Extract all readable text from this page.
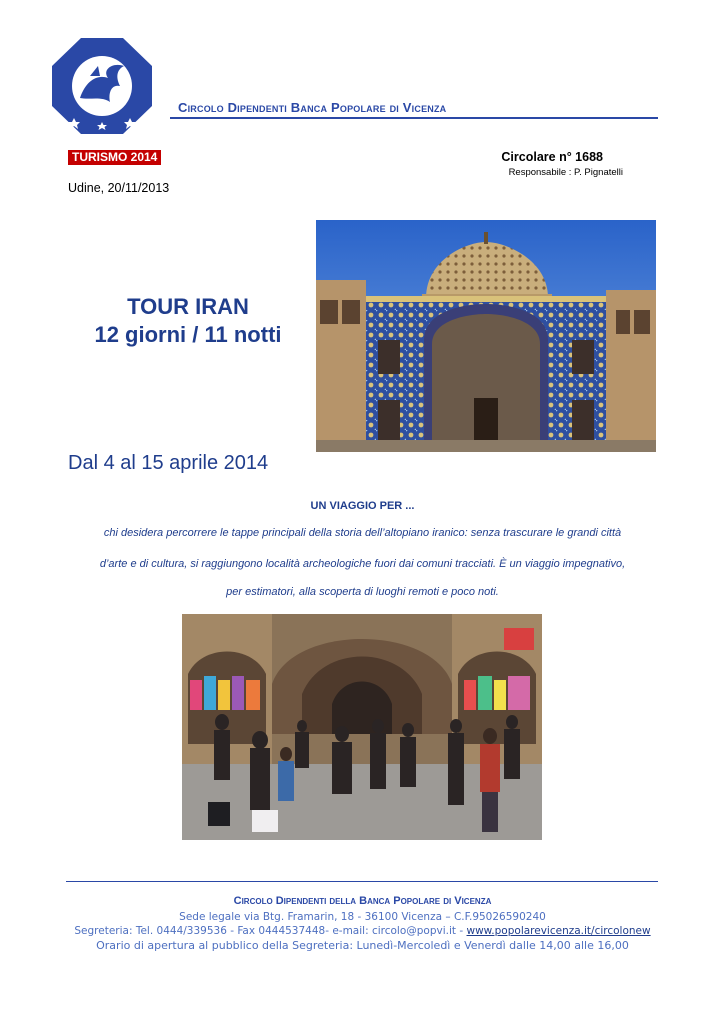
Circolo Dipendenti Banca Popolare di Vicenza
TURISMO 2014	Circolare n° 1688
Responsabile : P. Pignatelli
Udine, 20/11/2013
TOUR IRAN
12 giorni / 11 notti
Dal 4 al 15 aprile 2014
UN VIAGGIO PER ...
chi desidera percorrere le tappe principali della storia dell’altopiano iranico: senza trascurare le grandi città
d’arte e di cultura, si raggiungono località archeologiche fuori dai comuni tracciati. È un viaggio impegnativo,
per estimatori, alla scoperta di luoghi remoti e poco noti.
Circolo Dipendenti della Banca Popolare di Vicenza
Sede legale via Btg. Framarin, 18 - 36100 Vicenza – C.F.95026590240
Segreteria: Tel. 0444/339536 - Fax 0444537448- e-mail: circolo@popvi.it - www.popolarevicenza.it/circolonew
Orario di apertura al pubblico della Segreteria: Lunedì-Mercoledì e Venerdì dalle 14,00 alle 16,00
